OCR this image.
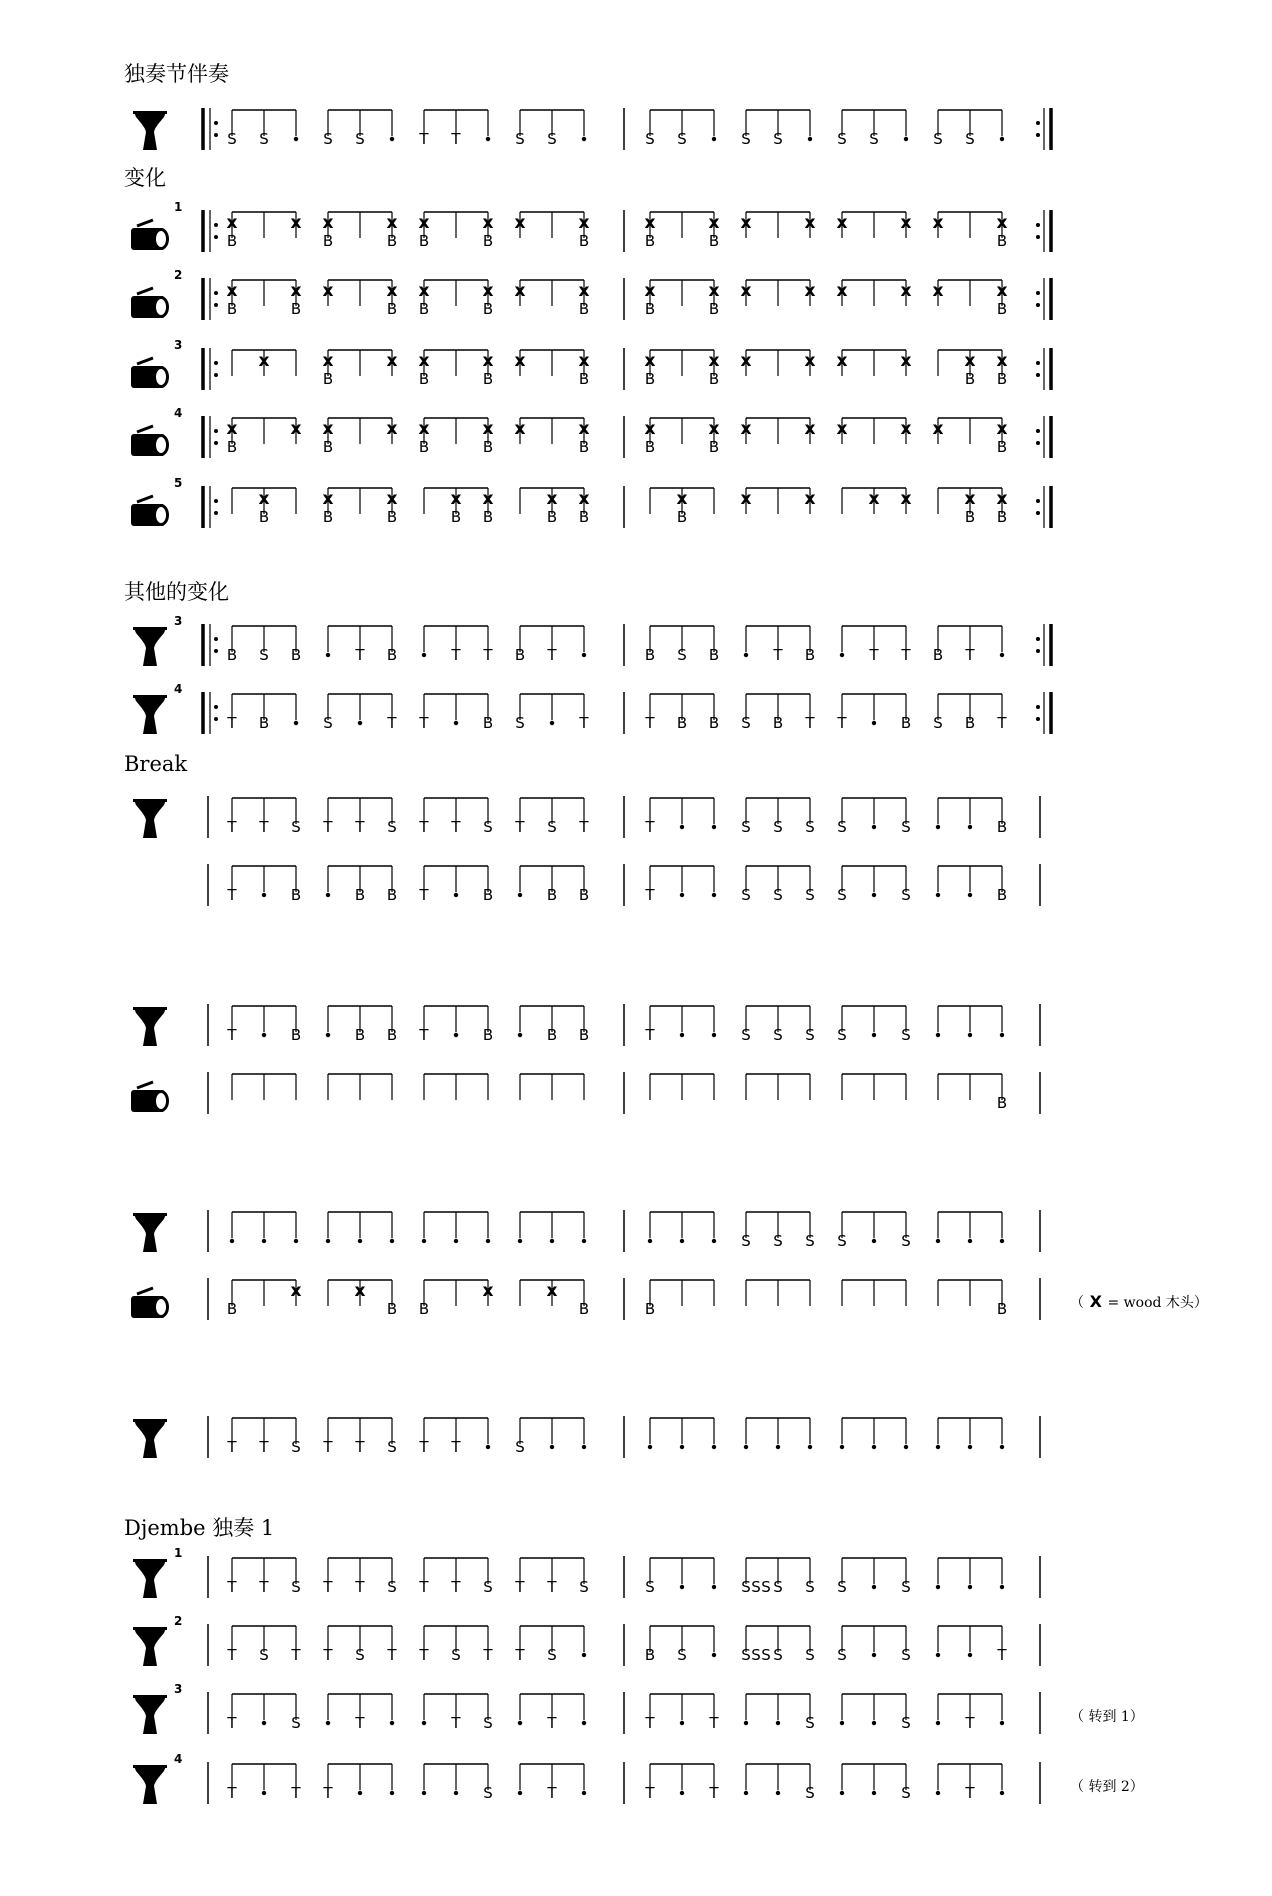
独奏节伴奏
变化
其他的变化
Break
Djembe 独奏 1
S S	S S	T T	S S	S S	S S	S S	S S
1
x
B
x x
B
x
B
x
B
x
B
x	x
B
x
B
x
B
x	x x	x x	x
B
2
x
B
x
B
x	x
B
x
B
x
B
x	x
B
x
B
x
B
x	x x	x x	x
B
3
x	x
B
x x
B
x
B
x	x
B
x
B
x
B
x	x x	x	x
B
x
B
4
x
B
x x
B
x x
B
x
B
x	x
B
x
B
x
B
x	x x	x x	x
B
5
x
B
x
B
x
B
x
B
x
B
x
B
x
B
x
B
x	x	x x	x
B
x
B
3
B S B	T B	T T B T	B S B	T B	T T B T
4
T B	S	T T	B S	T	T B B S B T T	B S B T
T T S T T S T T S T S T	T	S S S S	S	B
T	B	B B T	B	B B	T	S S S S	S	B
T	B	B B T	B	B B	T	S S S S	S
B
S S S S	S
B
x	x
B B
x	x
B	B	B	（ X = wood 木头）
T T S T T S T T	S
1
T T S T T S T T S T T S	S	S S S S S S	S
2
T S T T S T T S T T S	B S	S S S S S S	S	T
3
T	S	T	T S	T	T	T	S	S	T	（ 转到 1）
4
T	T T	S	T	T	T	S	S	T	（ 转到 2）
